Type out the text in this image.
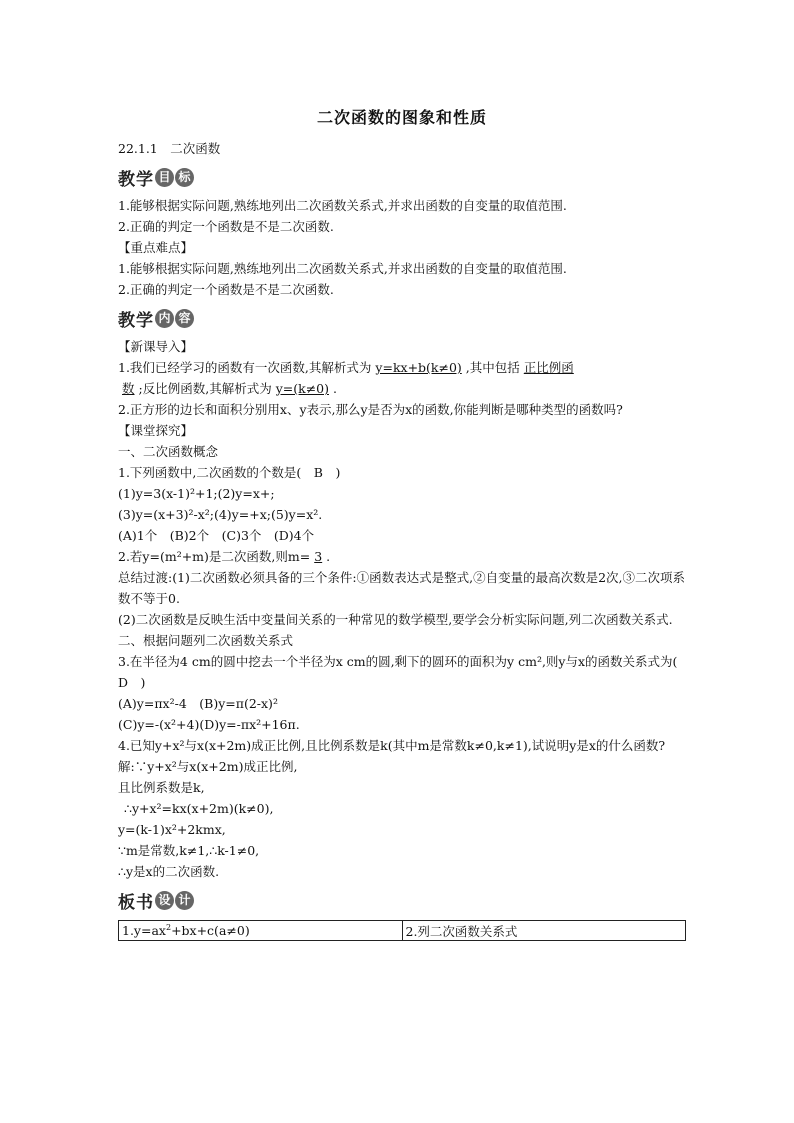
二次函数的图象和性质
22.1.1　二次函数
教学 目 标
1.能够根据实际问题,熟练地列出二次函数关系式,并求出函数的自变量的取值范围.
2.正确的判定一个函数是不是二次函数.
【重点难点】
1.能够根据实际问题,熟练地列出二次函数关系式,并求出函数的自变量的取值范围.
2.正确的判定一个函数是不是二次函数.
教学 内 容
【新课导入】
1.我们已经学习的函数有一次函数,其解析式为 y=kx+b(k≠0) ,其中包括 正比例函
数 ;反比例函数,其解析式为 y=(k≠0) .
2.正方形的边长和面积分别用x、y表示,那么y是否为x的函数,你能判断是哪种类型的函数吗?
【课堂探究】
一、二次函数概念
1.下列函数中,二次函数的个数是(　B　)
(1)y=3(x-1)²+1;(2)y=x+;
(3)y=(x+3)²-x²;(4)y=+x;(5)y=x².
(A)1个　(B)2个　(C)3个　(D)4个
2.若y=(m²+m)是二次函数,则m= 3 .
总结过渡:(1)二次函数必须具备的三个条件:①函数表达式是整式,②自变量的最高次数是2次,③二次项系数不等于0.
(2)二次函数是反映生活中变量间关系的一种常见的数学模型,要学会分析实际问题,列二次函数关系式.
二、根据问题列二次函数关系式
3.在半径为4 cm的圆中挖去一个半径为x cm的圆,剩下的圆环的面积为y cm²,则y与x的函数关系式为(　D　)
(A)y=πx²-4　(B)y=π(2-x)²
(C)y=-(x²+4)(D)y=-πx²+16π.
4.已知y+x²与x(x+2m)成正比例,且比例系数是k(其中m是常数k≠0,k≠1),试说明y是x的什么函数?
解:∵y+x²与x(x+2m)成正比例,
且比例系数是k,
∴y+x²=kx(x+2m)(k≠0),
y=(k-1)x²+2kmx,
∵m是常数,k≠1,∴k-1≠0,
∴y是x的二次函数.
板书 设 计
$1.y=ax^2+bx+c(a\ne 0)$	2.列二次函数关系式
